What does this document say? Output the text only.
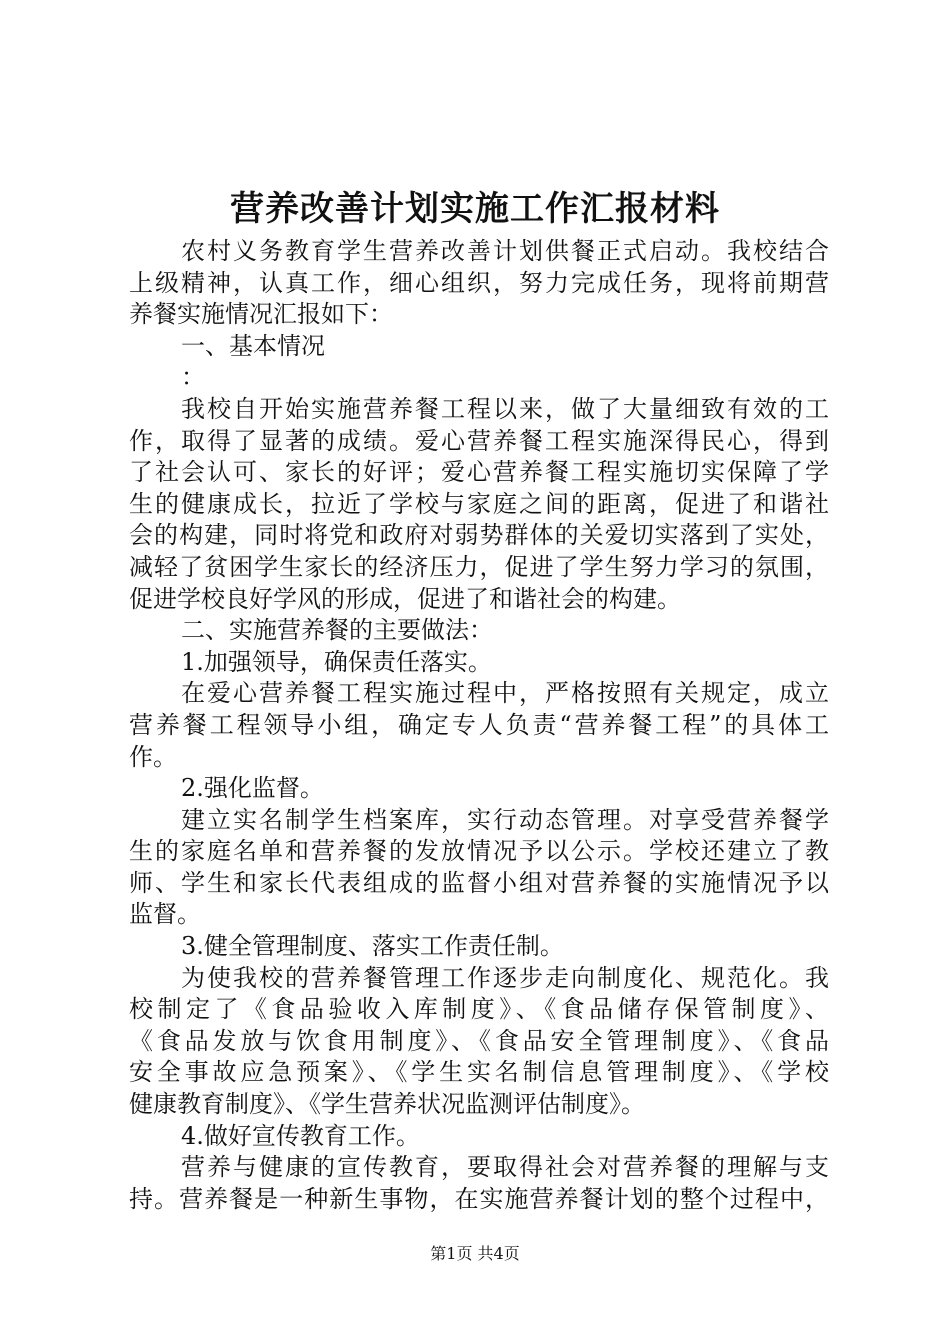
营养改善计划实施工作汇报材料
农村义务教育学生营养改善计划供餐正式启动。我校结合
上级精神，认真工作，细心组织，努力完成任务，现将前期营
养餐实施情况汇报如下：
一、基本情况
：
我校自开始实施营养餐工程以来，做了大量细致有效的工
作，取得了显著的成绩。爱心营养餐工程实施深得民心，得到
了社会认可、家长的好评；爱心营养餐工程实施切实保障了学
生的健康成长，拉近了学校与家庭之间的距离，促进了和谐社
会的构建，同时将党和政府对弱势群体的关爱切实落到了实处，
减轻了贫困学生家长的经济压力，促进了学生努力学习的氛围，
促进学校良好学风的形成，促进了和谐社会的构建。
二、实施营养餐的主要做法：
1.加强领导，确保责任落实。
在爱心营养餐工程实施过程中，严格按照有关规定，成立
营养餐工程领导小组，确定专人负责“营养餐工程”的具体工
作。
2.强化监督。
建立实名制学生档案库，实行动态管理。对享受营养餐学
生的家庭名单和营养餐的发放情况予以公示。学校还建立了教
师、学生和家长代表组成的监督小组对营养餐的实施情况予以
监督。
3.健全管理制度、落实工作责任制。
为使我校的营养餐管理工作逐步走向制度化、规范化。我
校制定了《食品验收入库制度》、《食品储存保管制度》、
《食品发放与饮食用制度》、《食品安全管理制度》、《食品
安全事故应急预案》、《学生实名制信息管理制度》、《学校
健康教育制度》、《学生营养状况监测评估制度》。
4.做好宣传教育工作。
营养与健康的宣传教育，要取得社会对营养餐的理解与支
持。营养餐是一种新生事物，在实施营养餐计划的整个过程中，
第1页 共4页
